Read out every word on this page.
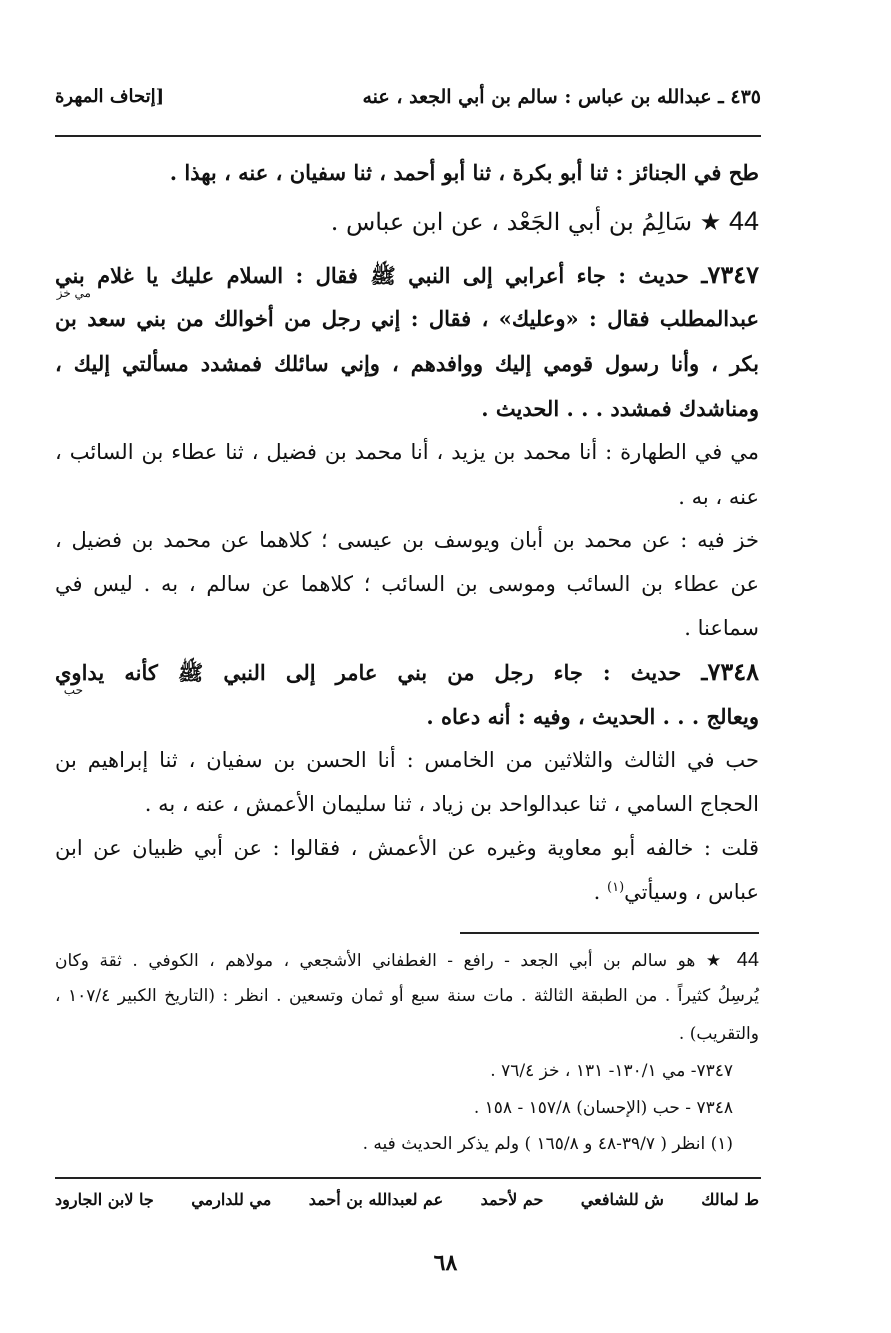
٤٣٥ ـ عبدالله بن عباس : سالم بن أبي الجعد ، عنه
[إتحاف المهرة
طح في الجنائز : ثنا أبو بكرة ، ثنا أبو أحمد ، ثنا سفيان ، عنه ، بهذا .
44 ★ سَالِمُ بن أبي الجَعْد ، عن ابن عباس .
٧٣٤٧ـ حديث : جاء أعرابي إلى النبي ﷺ فقال : السلام عليك يا غلام بني
مي خز
عبدالمطلب فقال : «وعليك» ، فقال : إني رجل من أخوالك من بني سعد بن
بكر ، وأنا رسول قومي إليك ووافدهم ، وإني سائلك فمشدد مسألتي إليك ،
ومناشدك فمشدد . . . الحديث .
مي في الطهارة : أنا محمد بن يزيد ، أنا محمد بن فضيل ، ثنا عطاء بن السائب ،
عنه ، به .
خز فيه : عن محمد بن أبان ويوسف بن عيسى ؛ كلاهما عن محمد بن فضيل ،
عن عطاء بن السائب وموسى بن السائب ؛ كلاهما عن سالم ، به . ليس في
سماعنا .
٧٣٤٨ـ حديث : جاء رجل من بني عامر إلى النبي ﷺ كأنه يداوي
حب
ويعالج . . . الحديث ، وفيه : أنه دعاه .
حب في الثالث والثلاثين من الخامس : أنا الحسن بن سفيان ، ثنا إبراهيم بن
الحجاج السامي ، ثنا عبدالواحد بن زياد ، ثنا سليمان الأعمش ، عنه ، به .
قلت : خالفه أبو معاوية وغيره عن الأعمش ، فقالوا : عن أبي ظبيان عن ابن
عباس ، وسيأتي$^{(١)}$ .
44 ★ هو سالم بن أبي الجعد - رافع - الغطفاني الأشجعي ، مولاهم ، الكوفي . ثقة وكان
يُرسِلُ كثيراً . من الطبقة الثالثة . مات سنة سبع أو ثمان وتسعين . انظر : (التاريخ الكبير ١٠٧/٤ ،
والتقريب) .
٧٣٤٧- مي ١٣٠/١- ١٣١ ، خز ٧٦/٤ .
٧٣٤٨ - حب (الإحسان) ١٥٧/٨ - ١٥٨ .
(١) انظر ( ٣٩/٧-٤٨ و ١٦٥/٨ ) ولم يذكر الحديث فيه .
ط لمالك
ش للشافعي
حم لأحمد
عم لعبدالله بن أحمد
مي للدارمي
جا لابن الجارود
٦٨
